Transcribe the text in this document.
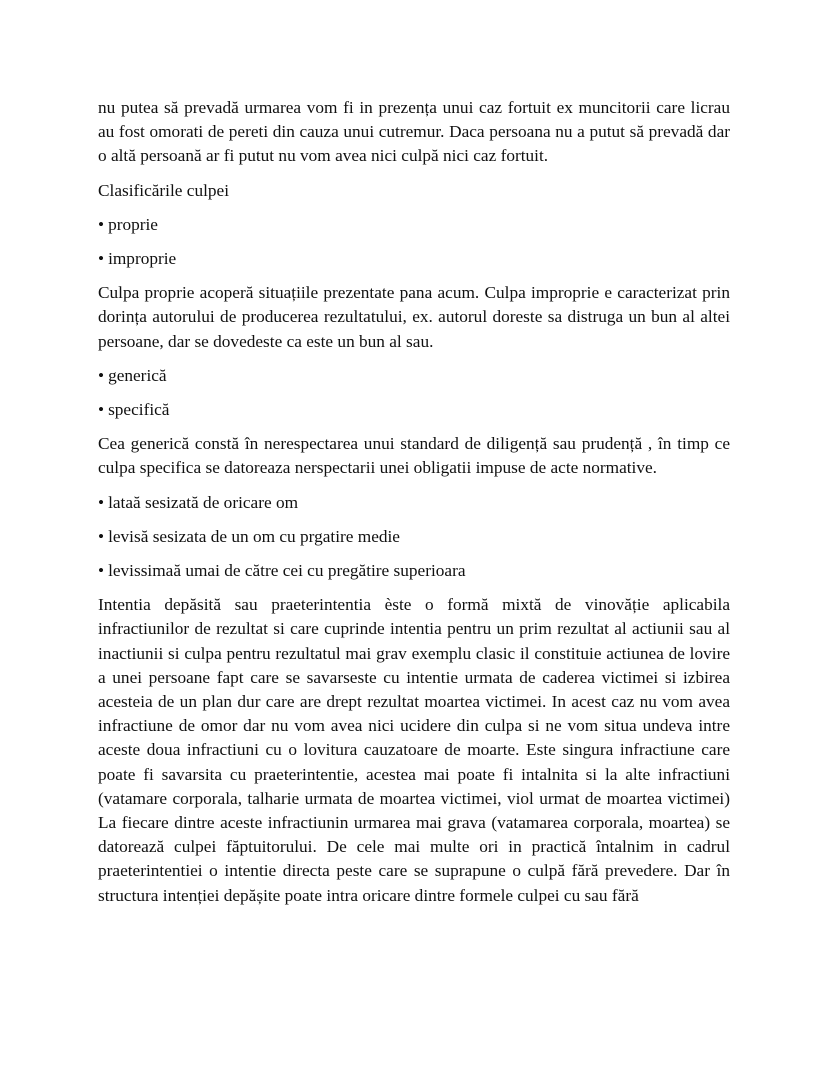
nu putea să prevadă urmarea vom fi in prezența unui caz fortuit ex muncitorii care licrau au fost omorati de pereti din cauza unui cutremur. Daca persoana nu a putut să prevadă dar o altă persoană ar fi putut nu vom avea nici culpă nici caz fortuit.

Clasificările culpei

• proprie

• improprie

Culpa proprie acoperă situațiile prezentate pana acum. Culpa improprie e caracterizat prin dorința autorului de producerea rezultatului, ex. autorul doreste sa distruga un bun al altei persoane, dar se dovedeste ca este un bun al sau.

• generică

• specifică

Cea generică constă în nerespectarea unui standard de diligență sau prudență , în timp ce culpa specifica se datoreaza nerspectarii unei obligatii impuse de acte normative.

• lataă sesizată de oricare om

• levisă sesizata de un om cu prgatire medie

• levissimaă umai de către cei cu pregătire superioara

Intentia depăsită sau praeterintentia èste o formă mixtă de vinovăție aplicabila infractiunilor de rezultat si care cuprinde intentia pentru un prim rezultat al actiunii sau al inactiunii si culpa pentru rezultatul mai grav exemplu clasic il constituie actiunea de lovire a unei persoane fapt care se savarseste cu intentie urmata de caderea victimei si izbirea acesteia de un plan dur care are drept rezultat moartea victimei. In acest caz nu vom avea infractiune de omor dar nu vom avea nici ucidere din culpa si ne vom situa undeva intre aceste doua infractiuni cu o lovitura cauzatoare de moarte. Este singura infractiune care poate fi savarsita cu praeterintentie, acestea mai poate fi intalnita si la alte infractiuni (vatamare corporala, talharie urmata de moartea victimei, viol urmat de moartea victimei) La fiecare dintre aceste infractiunin urmarea mai grava (vatamarea corporala, moartea) se datorează culpei făptuitorului. De cele mai multe ori in practică întalnim in cadrul praeterintentiei o intentie directa peste care se suprapune o culpă fără prevedere. Dar în structura intenției depășite poate intra oricare dintre formele culpei cu sau fără
